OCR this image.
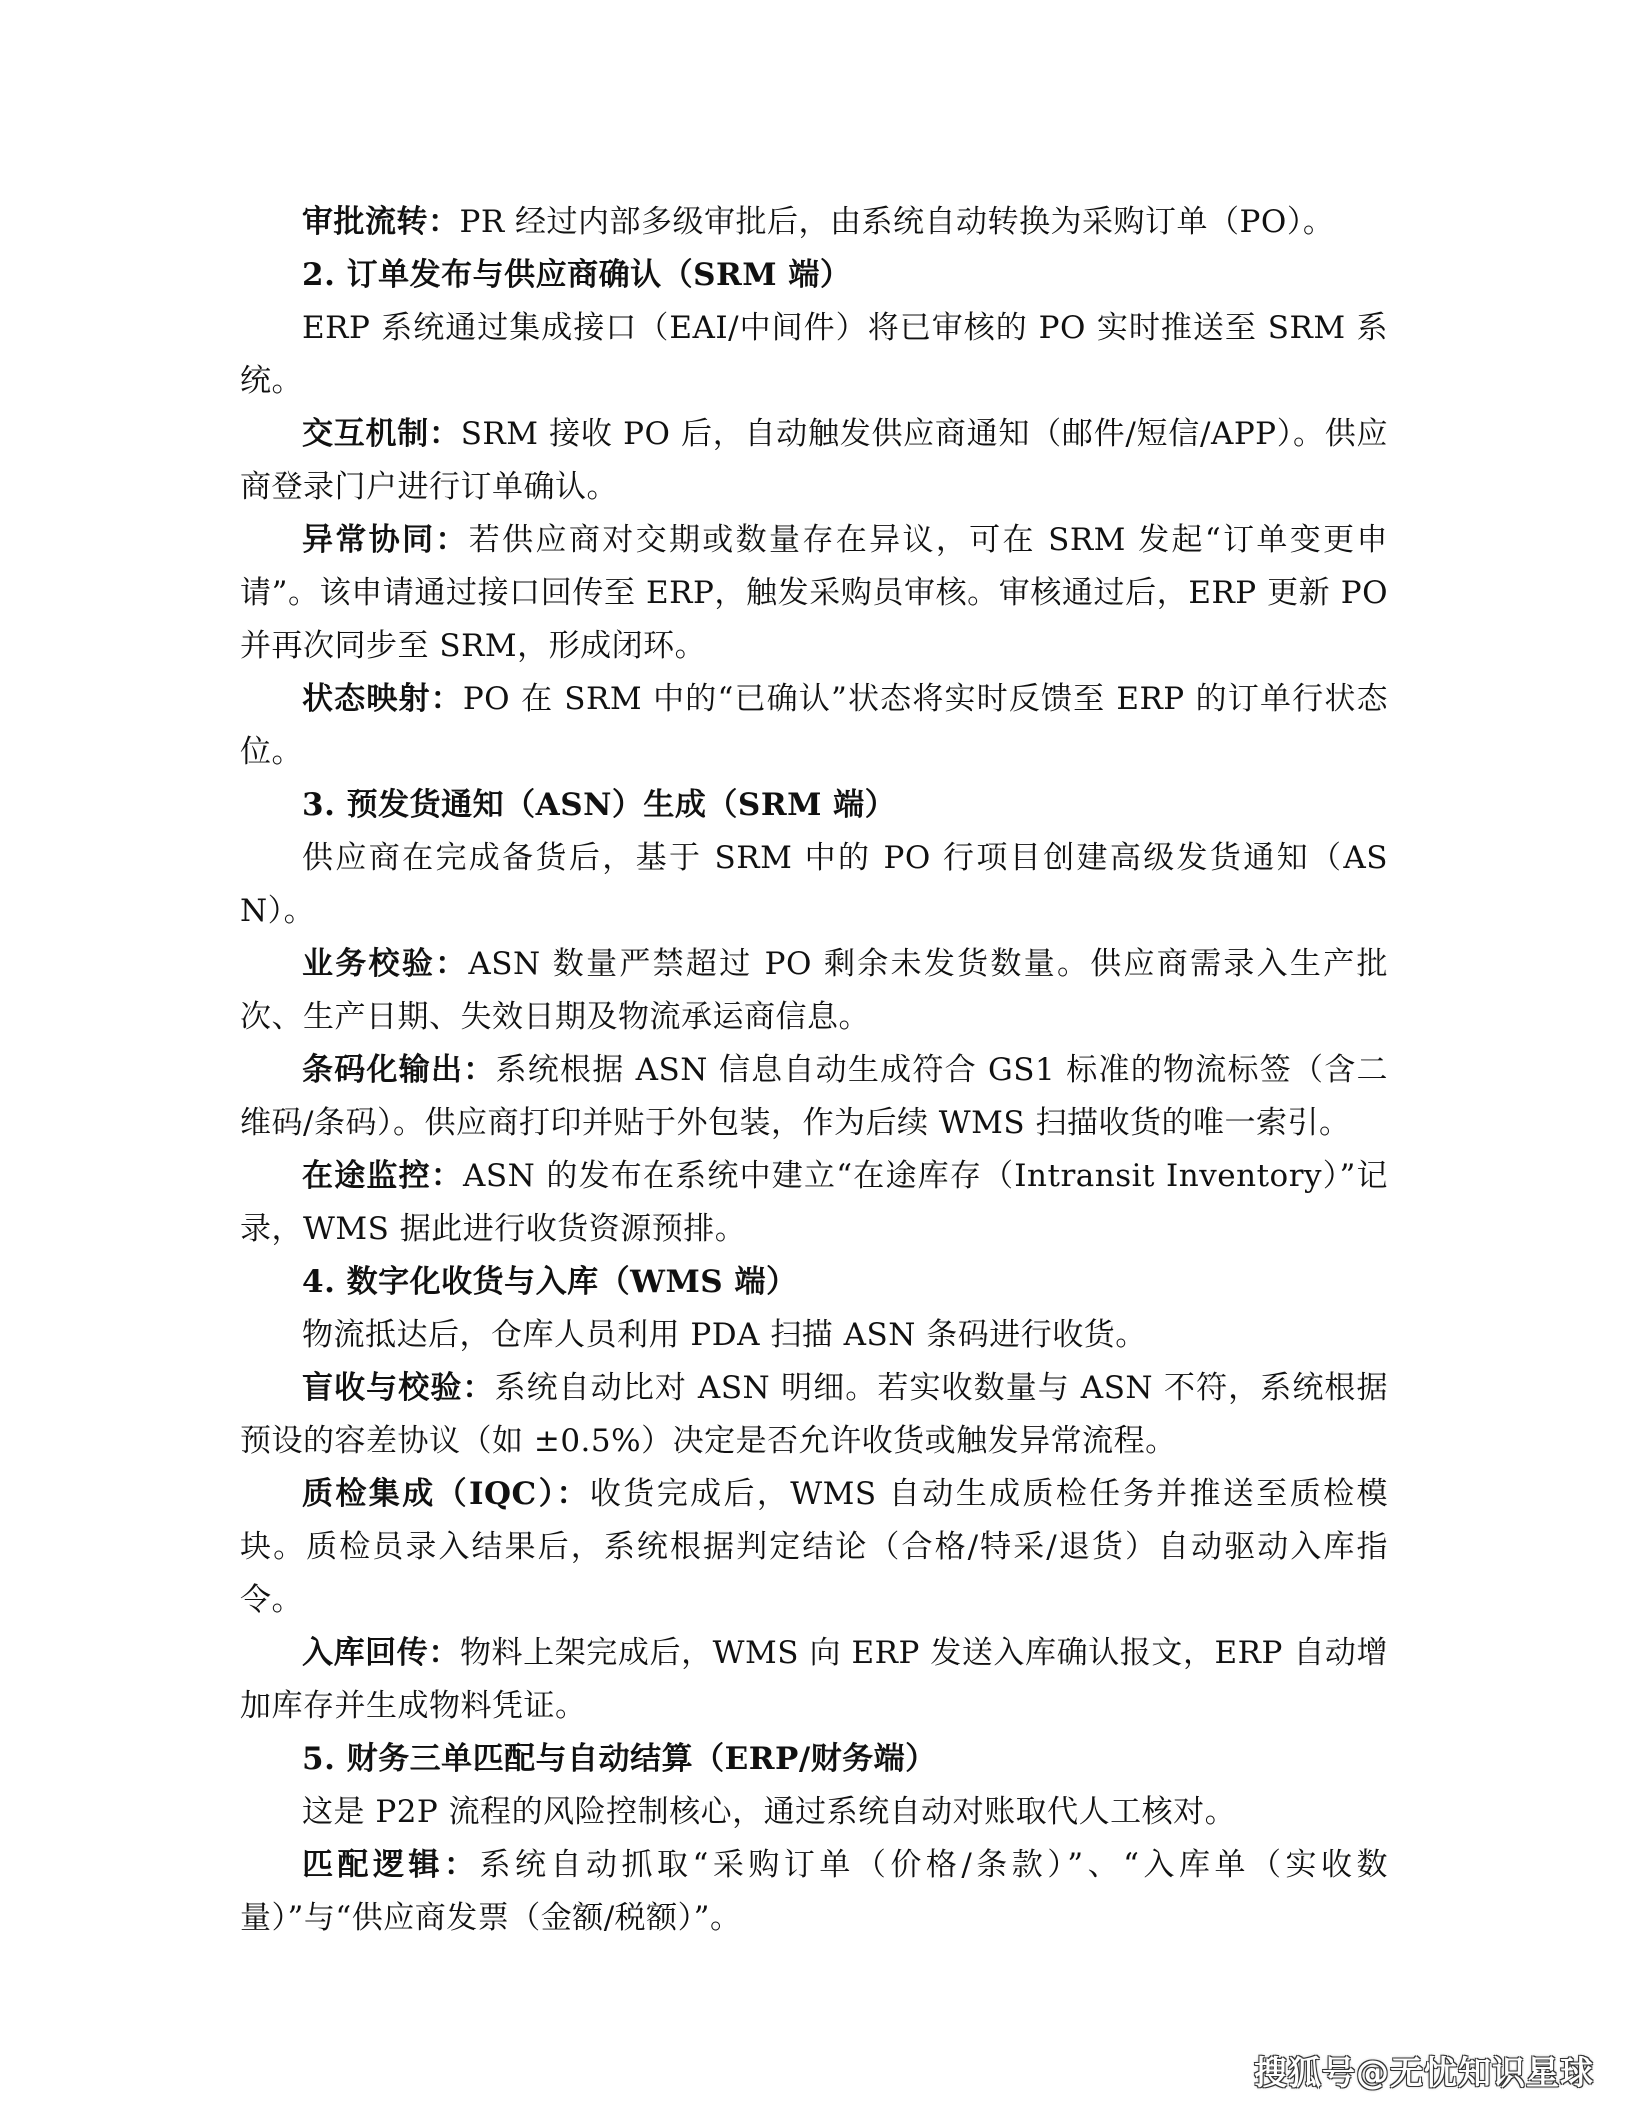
审批流转：PR 经过内部多级审批后，由系统自动转换为采购订单（PO）。

2. 订单发布与供应商确认（SRM 端）

ERP 系统通过集成接口（EAI/中间件）将已审核的 PO 实时推送至 SRM 系统。

交互机制：SRM 接收 PO 后，自动触发供应商通知（邮件/短信/APP）。供应商登录门户进行订单确认。

异常协同：若供应商对交期或数量存在异议，可在 SRM 发起“订单变更申请”。该申请通过接口回传至 ERP，触发采购员审核。审核通过后，ERP 更新 PO 并再次同步至 SRM，形成闭环。

状态映射：PO 在 SRM 中的“已确认”状态将实时反馈至 ERP 的订单行状态位。

3. 预发货通知（ASN）生成（SRM 端）

供应商在完成备货后，基于 SRM 中的 PO 行项目创建高级发货通知（ASN）。

业务校验：ASN 数量严禁超过 PO 剩余未发货数量。供应商需录入生产批次、生产日期、失效日期及物流承运商信息。

条码化输出：系统根据 ASN 信息自动生成符合 GS1 标准的物流标签（含二维码/条码）。供应商打印并贴于外包装，作为后续 WMS 扫描收货的唯一索引。

在途监控：ASN 的发布在系统中建立“在途库存（Intransit Inventory）”记录，WMS 据此进行收货资源预排。

4. 数字化收货与入库（WMS 端）

物流抵达后，仓库人员利用 PDA 扫描 ASN 条码进行收货。

盲收与校验：系统自动比对 ASN 明细。若实收数量与 ASN 不符，系统根据预设的容差协议（如 ±0.5%）决定是否允许收货或触发异常流程。

质检集成（IQC）：收货完成后，WMS 自动生成质检任务并推送至质检模块。质检员录入结果后，系统根据判定结论（合格/特采/退货）自动驱动入库指令。

入库回传：物料上架完成后，WMS 向 ERP 发送入库确认报文，ERP 自动增加库存并生成物料凭证。

5. 财务三单匹配与自动结算（ERP/财务端）

这是 P2P 流程的风险控制核心，通过系统自动对账取代人工核对。

匹配逻辑：系统自动抓取“采购订单（价格/条款）”、“入库单（实收数量）”与“供应商发票（金额/税额）”。

搜狐号@无忧知识星球
